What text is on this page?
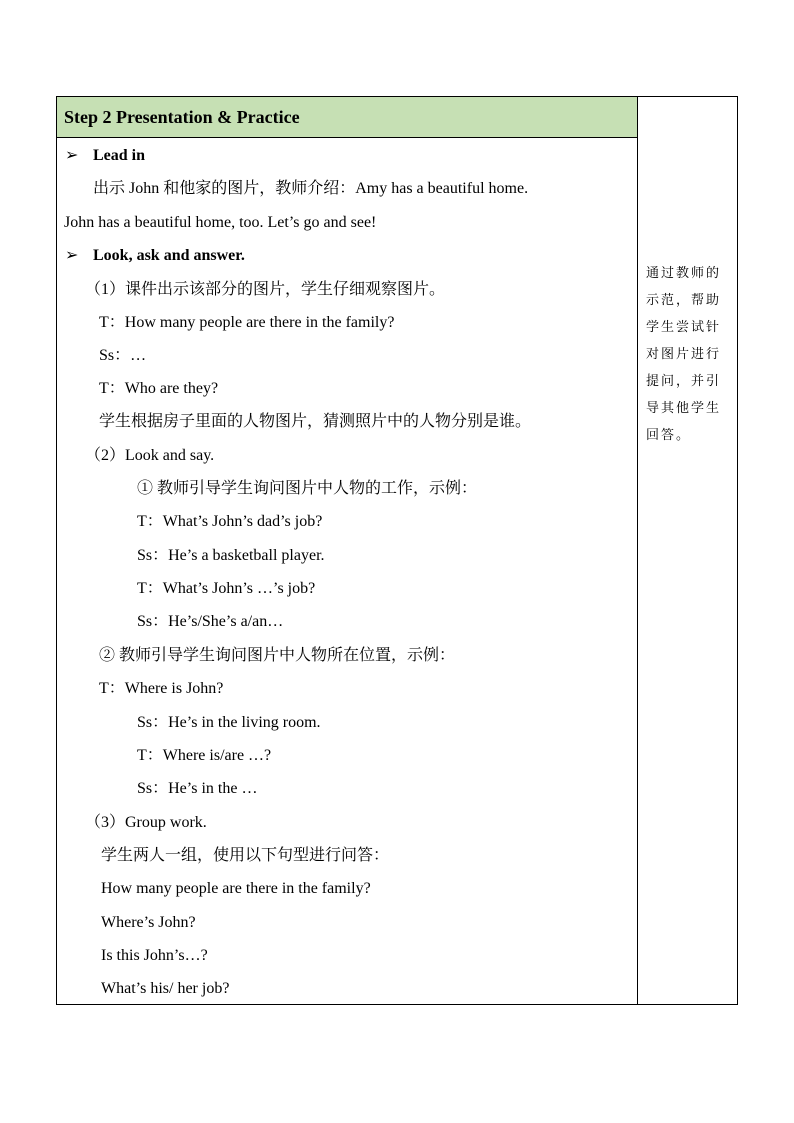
Step 2 Presentation & Practice
➢ Lead in
出示 John 和他家的图片，教师介绍：Amy has a beautiful home.
John has a beautiful home, too. Let’s go and see!
➢ Look, ask and answer.
（1）课件出示该部分的图片，学生仔细观察图片。
T：How many people are there in the family?
Ss：…
T：Who are they?
学生根据房子里面的人物图片，猜测照片中的人物分别是谁。
（2）Look and say.
① 教师引导学生询问图片中人物的工作，示例：
T：What’s John’s dad’s job?
Ss：He’s a basketball player.
T：What’s John’s …’s job?
Ss：He’s/She’s a/an…
② 教师引导学生询问图片中人物所在位置，示例：
T：Where is John?
Ss：He’s in the living room.
T：Where is/are …?
Ss：He’s in the …
（3）Group work.
学生两人一组，使用以下句型进行问答：
How many people are there in the family?
Where’s John?
Is this John’s…?
What’s his/ her job?
通过教师的示范，帮助学生尝试针对图片进行提问，并引导其他学生回答。
